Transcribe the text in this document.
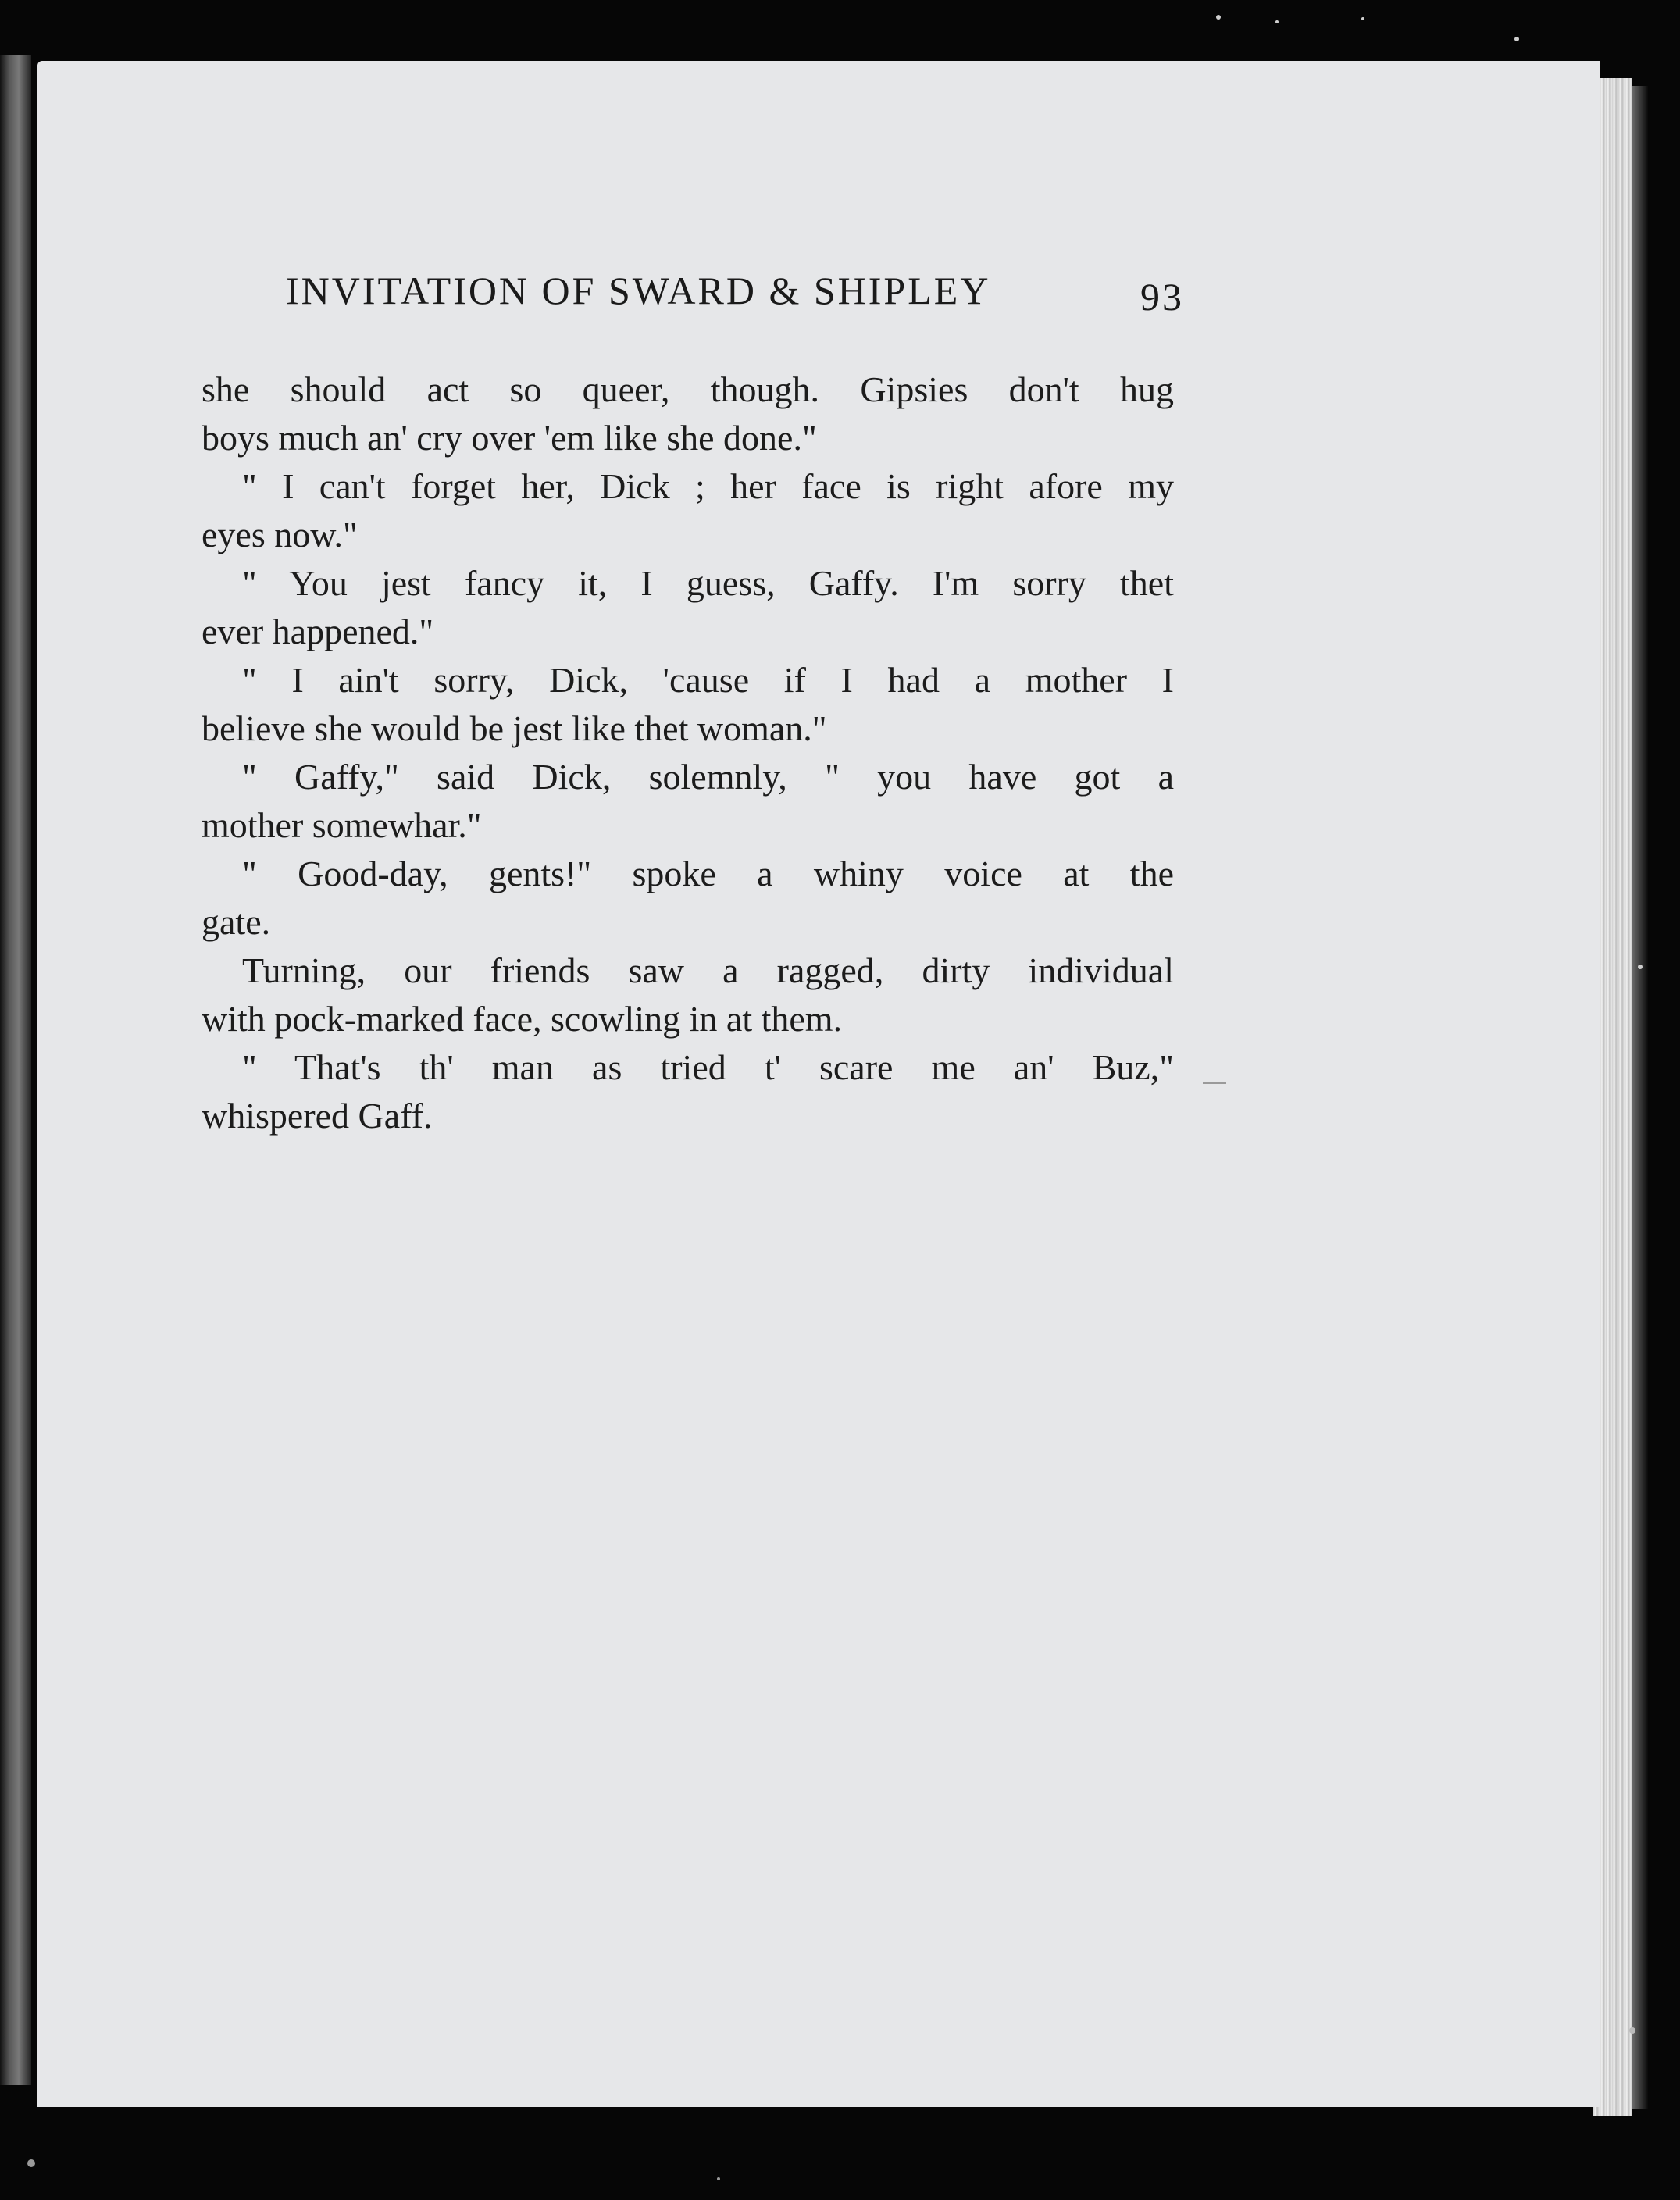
INVITATION OF SWARD & SHIPLEY	93
she should act so queer, though. Gipsies don't hug
boys much an' cry over 'em like she done."
" I can't forget her, Dick ; her face is right afore my
eyes now."
" You jest fancy it, I guess, Gaffy. I'm sorry thet
ever happened."
" I ain't sorry, Dick, 'cause if I had a mother I
believe she would be jest like thet woman."
" Gaffy," said Dick, solemnly, " you have got a
mother somewhar."
" Good-day, gents!" spoke a whiny voice at the
gate.
Turning, our friends saw a ragged, dirty individual
with pock-marked face, scowling in at them.
" That's th' man as tried t' scare me an' Buz,"
whispered Gaff.
